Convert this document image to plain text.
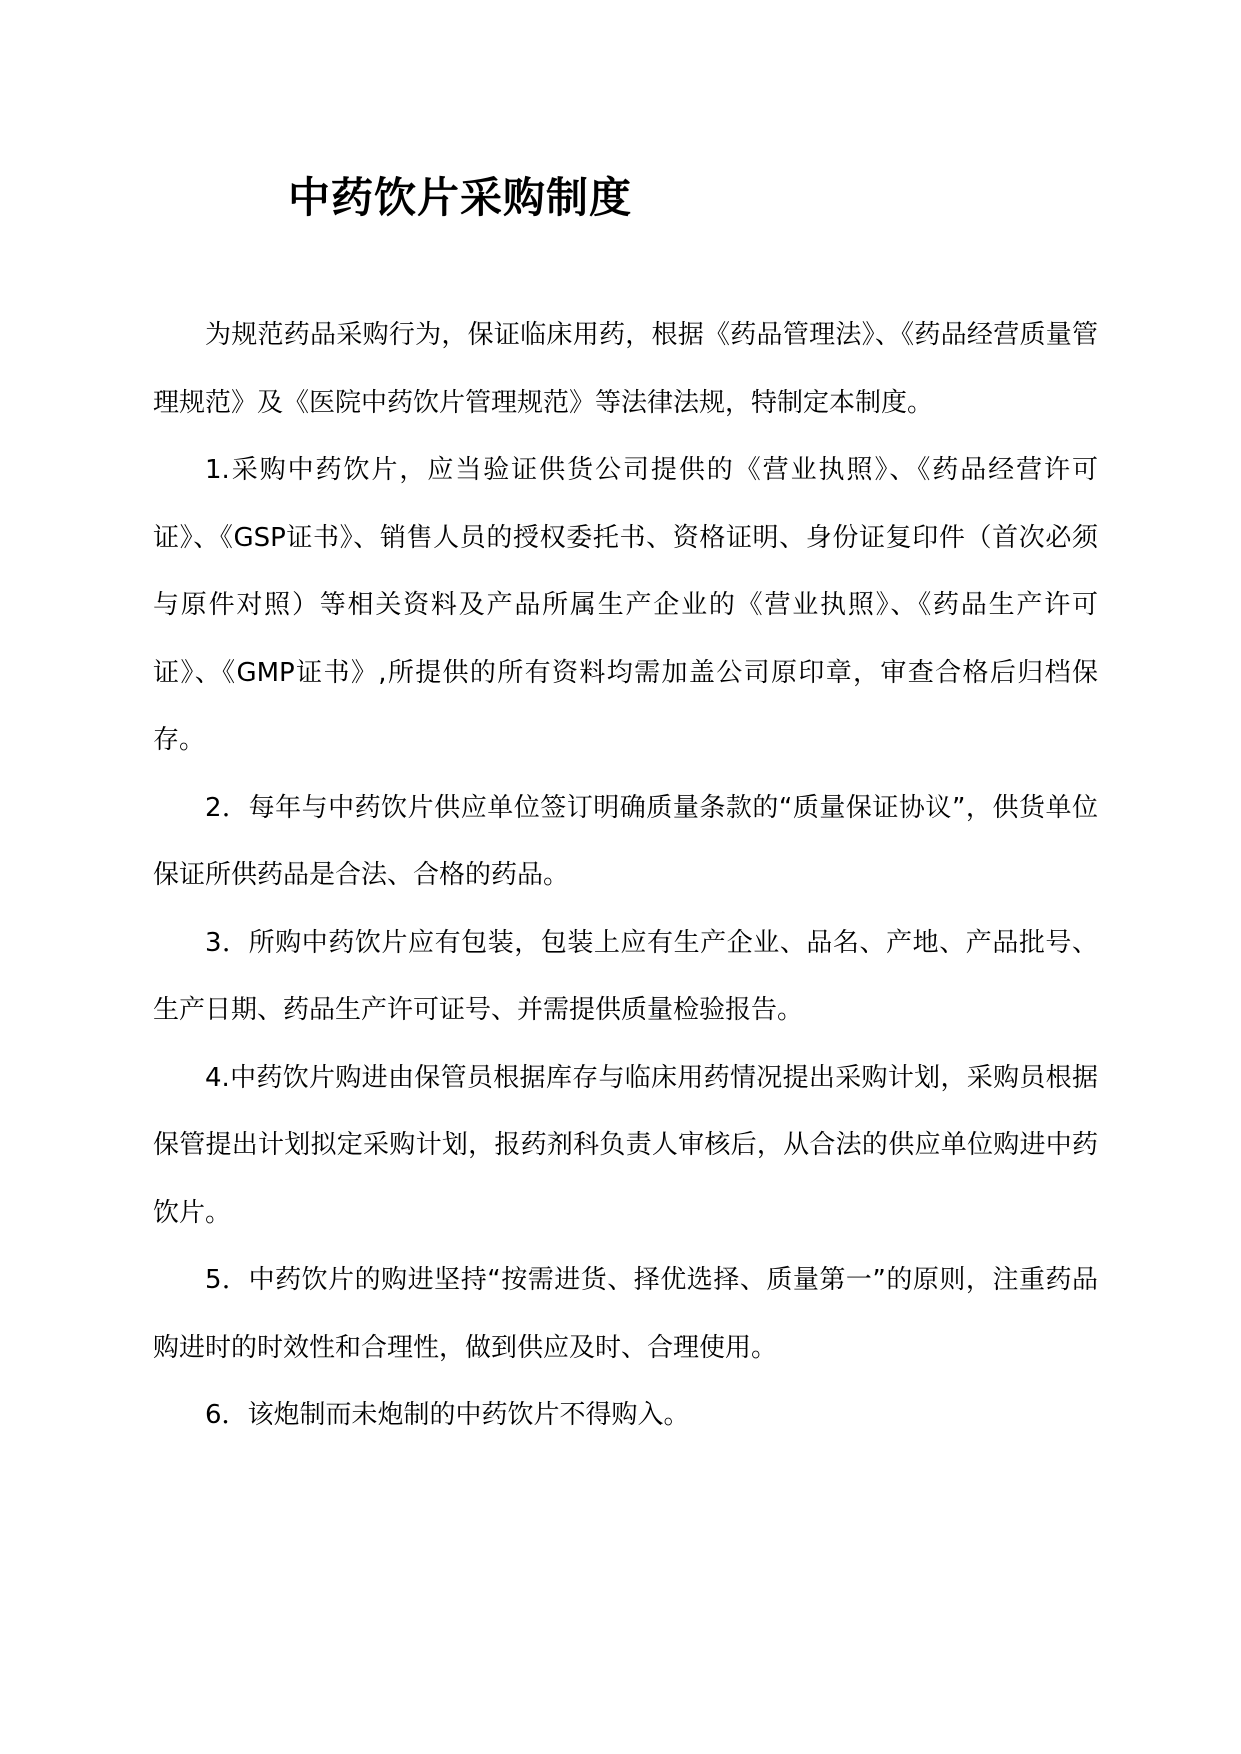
中药饮片采购制度

为规范药品采购行为，保证临床用药，根据《药品管理法》、《药品经营质量管理规范》及《医院中药饮片管理规范》等法律法规，特制定本制度。

1.采购中药饮片，应当验证供货公司提供的《营业执照》、《药品经营许可证》、《GSP证书》、销售人员的授权委托书、资格证明、身份证复印件（首次必须与原件对照）等相关资料及产品所属生产企业的《营业执照》、《药品生产许可证》、《GMP证书》,所提供的所有资料均需加盖公司原印章，审查合格后归档保存。

2．每年与中药饮片供应单位签订明确质量条款的“质量保证协议”，供货单位保证所供药品是合法、合格的药品。

3．所购中药饮片应有包装，包装上应有生产企业、品名、产地、产品批号、生产日期、药品生产许可证号、并需提供质量检验报告。

4.中药饮片购进由保管员根据库存与临床用药情况提出采购计划，采购员根据保管提出计划拟定采购计划，报药剂科负责人审核后，从合法的供应单位购进中药饮片。

5．中药饮片的购进坚持“按需进货、择优选择、质量第一”的原则，注重药品购进时的时效性和合理性，做到供应及时、合理使用。

6．该炮制而未炮制的中药饮片不得购入。
